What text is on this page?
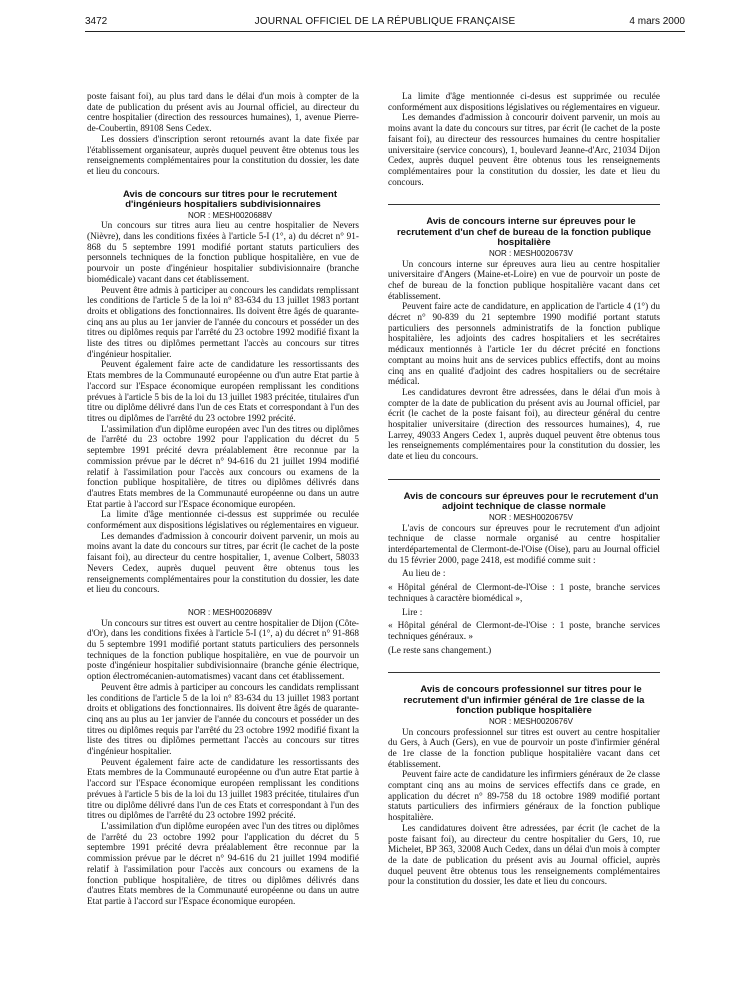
3472	JOURNAL OFFICIEL DE LA RÉPUBLIQUE FRANÇAISE	4 mars 2000

poste faisant foi), au plus tard dans le délai d'un mois à compter de la date de publication du présent avis au Journal officiel, au directeur du centre hospitalier (direction des ressources humaines), 1, avenue Pierre-de-Coubertin, 89108 Sens Cedex.

Les dossiers d'inscription seront retournés avant la date fixée par l'établissement organisateur, auprès duquel peuvent être obtenus tous les renseignements complémentaires pour la constitution du dossier, les date et lieu du concours.

Avis de concours sur titres pour le recrutement d'ingénieurs hospitaliers subdivisionnaires

NOR : MESH0020688V

Un concours sur titres aura lieu au centre hospitalier de Nevers (Nièvre), dans les conditions fixées à l'article 5-I (1°, a) du décret n° 91-868 du 5 septembre 1991 modifié portant statuts particuliers des personnels techniques de la fonction publique hospitalière, en vue de pourvoir un poste d'ingénieur hospitalier subdivisionnaire (branche biomédicale) vacant dans cet établissement.

Peuvent être admis à participer au concours les candidats remplissant les conditions de l'article 5 de la loi n° 83-634 du 13 juillet 1983 portant droits et obligations des fonctionnaires. Ils doivent être âgés de quarante-cinq ans au plus au 1er janvier de l'année du concours et posséder un des titres ou diplômes requis par l'arrêté du 23 octobre 1992 modifié fixant la liste des titres ou diplômes permettant l'accès au concours sur titres d'ingénieur hospitalier.

Peuvent également faire acte de candidature les ressortissants des Etats membres de la Communauté européenne ou d'un autre Etat partie à l'accord sur l'Espace économique européen remplissant les conditions prévues à l'article 5 bis de la loi du 13 juillet 1983 précitée, titulaires d'un titre ou diplôme délivré dans l'un de ces Etats et correspondant à l'un des titres ou diplômes de l'arrêté du 23 octobre 1992 précité.

L'assimilation d'un diplôme européen avec l'un des titres ou diplômes de l'arrêté du 23 octobre 1992 pour l'application du décret du 5 septembre 1991 précité devra préalablement être reconnue par la commission prévue par le décret n° 94-616 du 21 juillet 1994 modifié relatif à l'assimilation pour l'accès aux concours ou examens de la fonction publique hospitalière, de titres ou diplômes délivrés dans d'autres Etats membres de la Communauté européenne ou dans un autre Etat partie à l'accord sur l'Espace économique européen.

La limite d'âge mentionnée ci-dessus est supprimée ou reculée conformément aux dispositions législatives ou réglementaires en vigueur.

Les demandes d'admission à concourir doivent parvenir, un mois au moins avant la date du concours sur titres, par écrit (le cachet de la poste faisant foi), au directeur du centre hospitalier, 1, avenue Colbert, 58033 Nevers Cedex, auprès duquel peuvent être obtenus tous les renseignements complémentaires pour la constitution du dossier, les date et lieu du concours.

NOR : MESH0020689V

Un concours sur titres est ouvert au centre hospitalier de Dijon (Côte-d'Or), dans les conditions fixées à l'article 5-I (1°, a) du décret n° 91-868 du 5 septembre 1991 modifié portant statuts particuliers des personnels techniques de la fonction publique hospitalière, en vue de pourvoir un poste d'ingénieur hospitalier subdivisionnaire (branche génie électrique, option électromécanien-automatismes) vacant dans cet établissement.

Peuvent être admis à participer au concours les candidats remplissant les conditions de l'article 5 de la loi n° 83-634 du 13 juillet 1983 portant droits et obligations des fonctionnaires. Ils doivent être âgés de quarante-cinq ans au plus au 1er janvier de l'année du concours et posséder un des titres ou diplômes requis par l'arrêté du 23 octobre 1992 modifié fixant la liste des titres ou diplômes permettant l'accès au concours sur titres d'ingénieur hospitalier.

Peuvent également faire acte de candidature les ressortissants des Etats membres de la Communauté européenne ou d'un autre Etat partie à l'accord sur l'Espace économique européen remplissant les conditions prévues à l'article 5 bis de la loi du 13 juillet 1983 précitée, titulaires d'un titre ou diplôme délivré dans l'un de ces Etats et correspondant à l'un des titres ou diplômes de l'arrêté du 23 octobre 1992 précité.

L'assimilation d'un diplôme européen avec l'un des titres ou diplômes de l'arrêté du 23 octobre 1992 pour l'application du décret du 5 septembre 1991 précité devra préalablement être reconnue par la commission prévue par le décret n° 94-616 du 21 juillet 1994 modifié relatif à l'assimilation pour l'accès aux concours ou examens de la fonction publique hospitalière, de titres ou diplômes délivrés dans d'autres Etats membres de la Communauté européenne ou dans un autre Etat partie à l'accord sur l'Espace économique européen.

La limite d'âge mentionnée ci-desus est supprimée ou reculée conformément aux dispositions législatives ou réglementaires en vigueur.

Les demandes d'admission à concourir doivent parvenir, un mois au moins avant la date du concours sur titres, par écrit (le cachet de la poste faisant foi), au directeur des ressources humaines du centre hospitalier universitaire (service concours), 1, boulevard Jeanne-d'Arc, 21034 Dijon Cedex, auprès duquel peuvent être obtenus tous les renseignements complémentaires pour la constitution du dossier, les date et lieu du concours.

Avis de concours interne sur épreuves pour le recrutement d'un chef de bureau de la fonction publique hospitalière

NOR : MESH0020673V

Un concours interne sur épreuves aura lieu au centre hospitalier universitaire d'Angers (Maine-et-Loire) en vue de pourvoir un poste de chef de bureau de la fonction publique hospitalière vacant dans cet établissement.

Peuvent faire acte de candidature, en application de l'article 4 (1°) du décret n° 90-839 du 21 septembre 1990 modifié portant statuts particuliers des personnels administratifs de la fonction publique hospitalière, les adjoints des cadres hospitaliers et les secrétaires médicaux mentionnés à l'article 1er du décret précité en fonctions comptant au moins huit ans de services publics effectifs, dont au moins cinq ans en qualité d'adjoint des cadres hospitaliers ou de secrétaire médical.

Les candidatures devront être adressées, dans le délai d'un mois à compter de la date de publication du présent avis au Journal officiel, par écrit (le cachet de la poste faisant foi), au directeur général du centre hospitalier universitaire (direction des ressources humaines), 4, rue Larrey, 49033 Angers Cedex 1, auprès duquel peuvent être obtenus tous les renseignements complémentaires pour la constitution du dossier, les date et lieu du concours.

Avis de concours sur épreuves pour le recrutement d'un adjoint technique de classe normale

NOR : MESH0020675V

L'avis de concours sur épreuves pour le recrutement d'un adjoint technique de classe normale organisé au centre hospitalier interdépartemental de Clermont-de-l'Oise (Oise), paru au Journal officiel du 15 février 2000, page 2418, est modifié comme suit :

Au lieu de :

« Hôpital général de Clermont-de-l'Oise : 1 poste, branche services techniques à caractère biomédical »,

Lire :

« Hôpital général de Clermont-de-l'Oise : 1 poste, branche services techniques généraux. »

(Le reste sans changement.)

Avis de concours professionnel sur titres pour le recrutement d'un infirmier général de 1re classe de la fonction publique hospitalière

NOR : MESH0020676V

Un concours professionnel sur titres est ouvert au centre hospitalier du Gers, à Auch (Gers), en vue de pourvoir un poste d'infirmier général de 1re classe de la fonction publique hospitalière vacant dans cet établissement.

Peuvent faire acte de candidature les infirmiers généraux de 2e classe comptant cinq ans au moins de services effectifs dans ce grade, en application du décret n° 89-758 du 18 octobre 1989 modifié portant statuts particuliers des infirmiers généraux de la fonction publique hospitalière.

Les candidatures doivent être adressées, par écrit (le cachet de la poste faisant foi), au directeur du centre hospitalier du Gers, 10, rue Michelet, BP 363, 32008 Auch Cedex, dans un délai d'un mois à compter de la date de publication du présent avis au Journal officiel, auprès duquel peuvent être obtenus tous les renseignements complémentaires pour la constitution du dossier, les date et lieu du concours.
